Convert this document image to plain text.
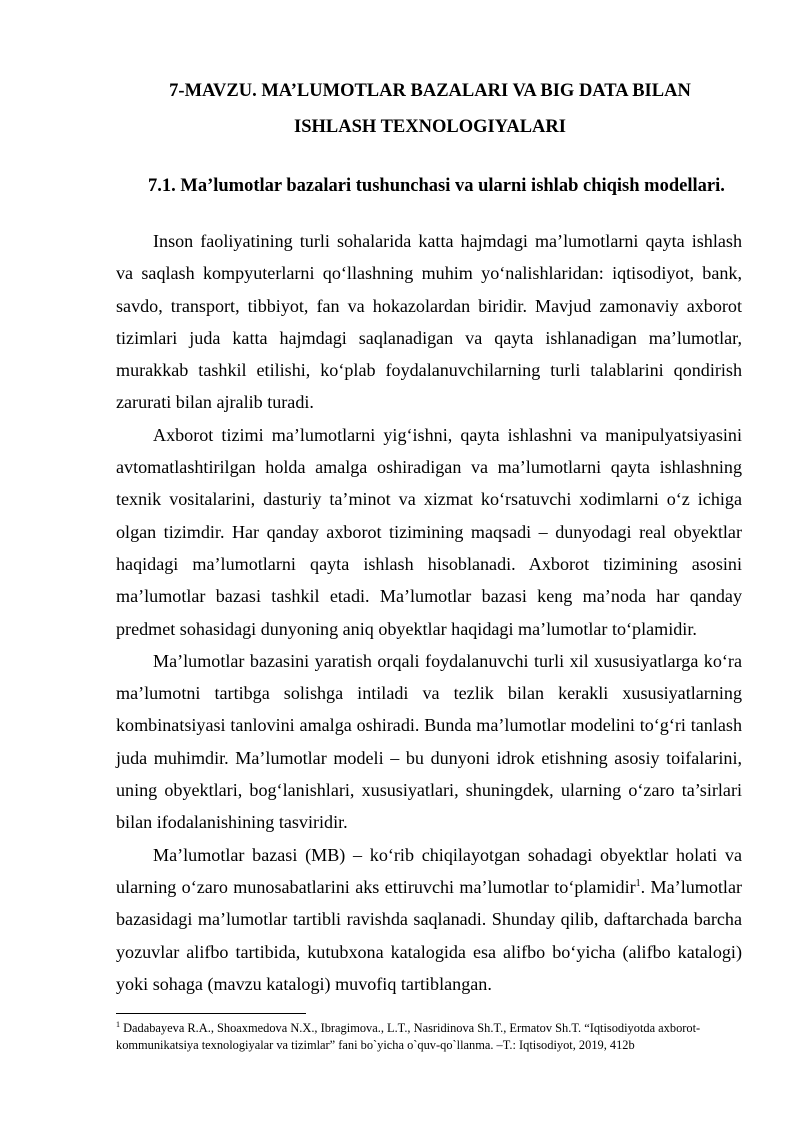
7-MAVZU. MA’LUMOTLAR BAZALARI VA BIG DATA BILAN
ISHLASH TEXNOLOGIYALARI
7.1. Ma’lumotlar bazalari tushunchasi va ularni ishlab chiqish modellari.

Inson faoliyatining turli sohalarida katta hajmdagi ma’lumotlarni qayta ishlash va saqlash kompyuterlarni qo‘llashning muhim yo‘nalishlaridan: iqtisodiyot, bank, savdo, transport, tibbiyot, fan va hokazolardan biridir. Mavjud zamonaviy axborot tizimlari juda katta hajmdagi saqlanadigan va qayta ishlanadigan ma’lumotlar, murakkab tashkil etilishi, ko‘plab foydalanuvchilarning turli talablarini qondirish zarurati bilan ajralib turadi.

Axborot tizimi ma’lumotlarni yig‘ishni, qayta ishlashni va manipulyatsiyasini avtomatlashtirilgan holda amalga oshiradigan va ma’lumotlarni qayta ishlashning texnik vositalarini, dasturiy ta’minot va xizmat ko‘rsatuvchi xodimlarni o‘z ichiga olgan tizimdir. Har qanday axborot tizimining maqsadi – dunyodagi real obyektlar haqidagi ma’lumotlarni qayta ishlash hisoblanadi. Axborot tizimining asosini ma’lumotlar bazasi tashkil etadi. Ma’lumotlar bazasi keng ma’noda har qanday predmet sohasidagi dunyoning aniq obyektlar haqidagi ma’lumotlar to‘plamidir.

Ma’lumotlar bazasini yaratish orqali foydalanuvchi turli xil xususiyatlarga ko‘ra ma’lumotni tartibga solishga intiladi va tezlik bilan kerakli xususiyatlarning kombinatsiyasi tanlovini amalga oshiradi. Bunda ma’lumotlar modelini to‘g‘ri tanlash juda muhimdir. Ma’lumotlar modeli – bu dunyoni idrok etishning asosiy toifalarini, uning obyektlari, bog‘lanishlari, xususiyatlari, shuningdek, ularning o‘zaro ta’sirlari bilan ifodalanishining tasviridir.

Ma’lumotlar bazasi (MB) – ko‘rib chiqilayotgan sohadagi obyektlar holati va ularning o‘zaro munosabatlarini aks ettiruvchi ma’lumotlar to‘plamidir$^1$. Ma’lumotlar bazasidagi ma’lumotlar tartibli ravishda saqlanadi. Shunday qilib, daftarchada barcha yozuvlar alifbo tartibida, kutubxona katalogida esa alifbo bo‘yicha (alifbo katalogi) yoki sohaga (mavzu katalogi) muvofiq tartiblangan.

$^1$ Dadabayeva R.A., Shoaxmedova N.X., Ibragimova., L.T., Nasridinova Sh.T., Ermatov Sh.T. “Iqtisodiyotda axborot-kommunikatsiya texnologiyalar va tizimlar” fani bo`yicha o`quv-qo`llanma. –T.: Iqtisodiyot, 2019, 412b
